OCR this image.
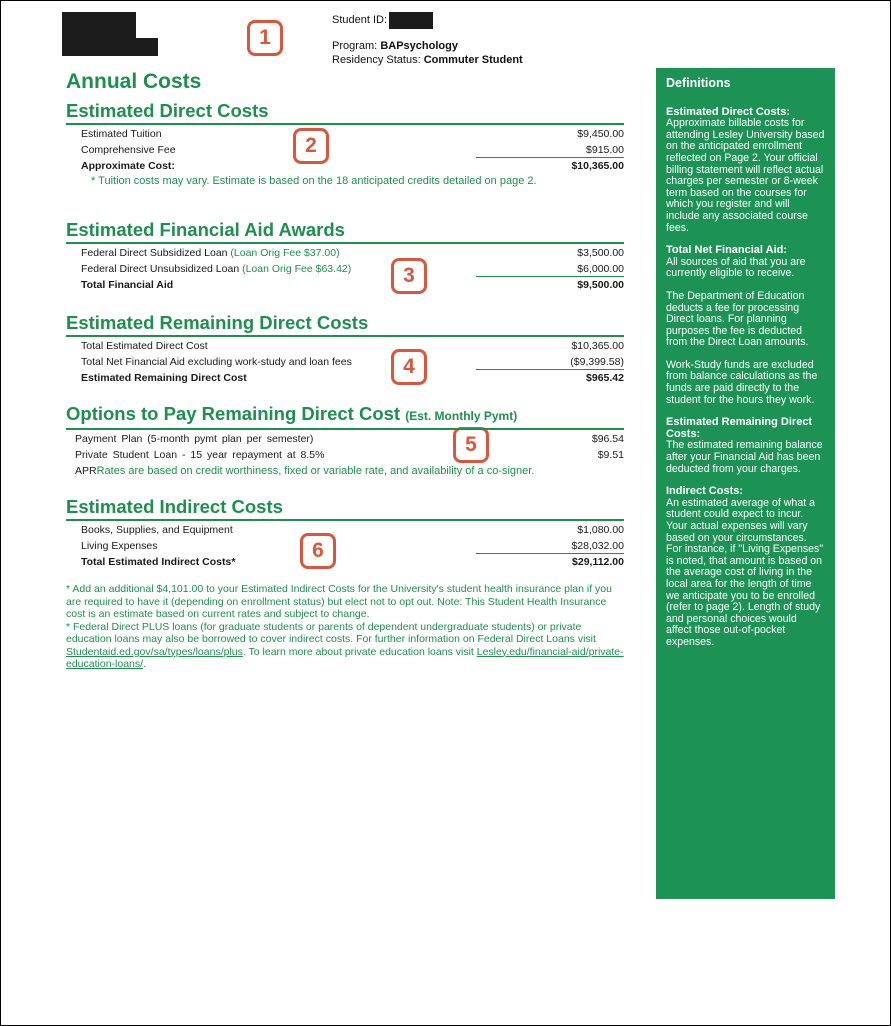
Student ID:
Program: BAPsychology
Residency Status: Commuter Student
1
2
3
4
5
6
Annual Costs
Estimated Direct Costs
Estimated Tuition	$9,450.00
Comprehensive Fee	$915.00
Approximate Cost:	$10,365.00
* Tuition costs may vary. Estimate is based on the 18 anticipated credits detailed on page 2.
Estimated Financial Aid Awards
Federal Direct Subsidized Loan (Loan Orig Fee $37.00)	$3,500.00
Federal Direct Unsubsidized Loan (Loan Orig Fee $63.42)	$6,000.00
Total Financial Aid	$9,500.00
Estimated Remaining Direct Costs
Total Estimated Direct Cost	$10,365.00
Total Net Financial Aid excluding work-study and loan fees	($9,399.58)
Estimated Remaining Direct Cost	$965.42
Options to Pay Remaining Direct Cost (Est. Monthly Pymt)
Payment Plan (5-month pymt plan per semester)	$96.54
Private Student Loan - 15 year repayment at 8.5%	$9.51
APRRates are based on credit worthiness, fixed or variable rate, and availability of a co-signer.
Estimated Indirect Costs
Books, Supplies, and Equipment	$1,080.00
Living Expenses	$28,032.00
Total Estimated Indirect Costs*	$29,112.00

* Add an additional $4,101.00 to your Estimated Indirect Costs for the University's student health insurance plan if you are required to have it (depending on enrollment status) but elect not to opt out. Note: This Student Health Insurance cost is an estimate based on current rates and subject to change.

* Federal Direct PLUS loans (for graduate students or parents of dependent undergraduate students) or private education loans may also be borrowed to cover indirect costs. For further information on Federal Direct Loans visit Studentaid.ed.gov/sa/types/loans/plus. To learn more about private education loans visit Lesley.edu/financial-aid/private-education-loans/.

Definitions

Estimated Direct Costs:
Approximate billable costs for attending Lesley University based on the anticipated enrollment reflected on Page 2. Your official billing statement will reflect actual charges per semester or 8-week term based on the courses for which you register and will include any associated course fees.

Total Net Financial Aid:
All sources of aid that you are currently eligible to receive.

The Department of Education deducts a fee for processing Direct loans. For planning purposes the fee is deducted from the Direct Loan amounts.

Work-Study funds are excluded from balance calculations as the funds are paid directly to the student for the hours they work.

Estimated Remaining Direct Costs:
The estimated remaining balance after your Financial Aid has been deducted from your charges.

Indirect Costs:
An estimated average of what a student could expect to incur. Your actual expenses will vary based on your circumstances. For instance, if "Living Expenses" is noted, that amount is based on the average cost of living in the local area for the length of time we anticipate you to be enrolled (refer to page 2). Length of study and personal choices would affect those out-of-pocket expenses.
